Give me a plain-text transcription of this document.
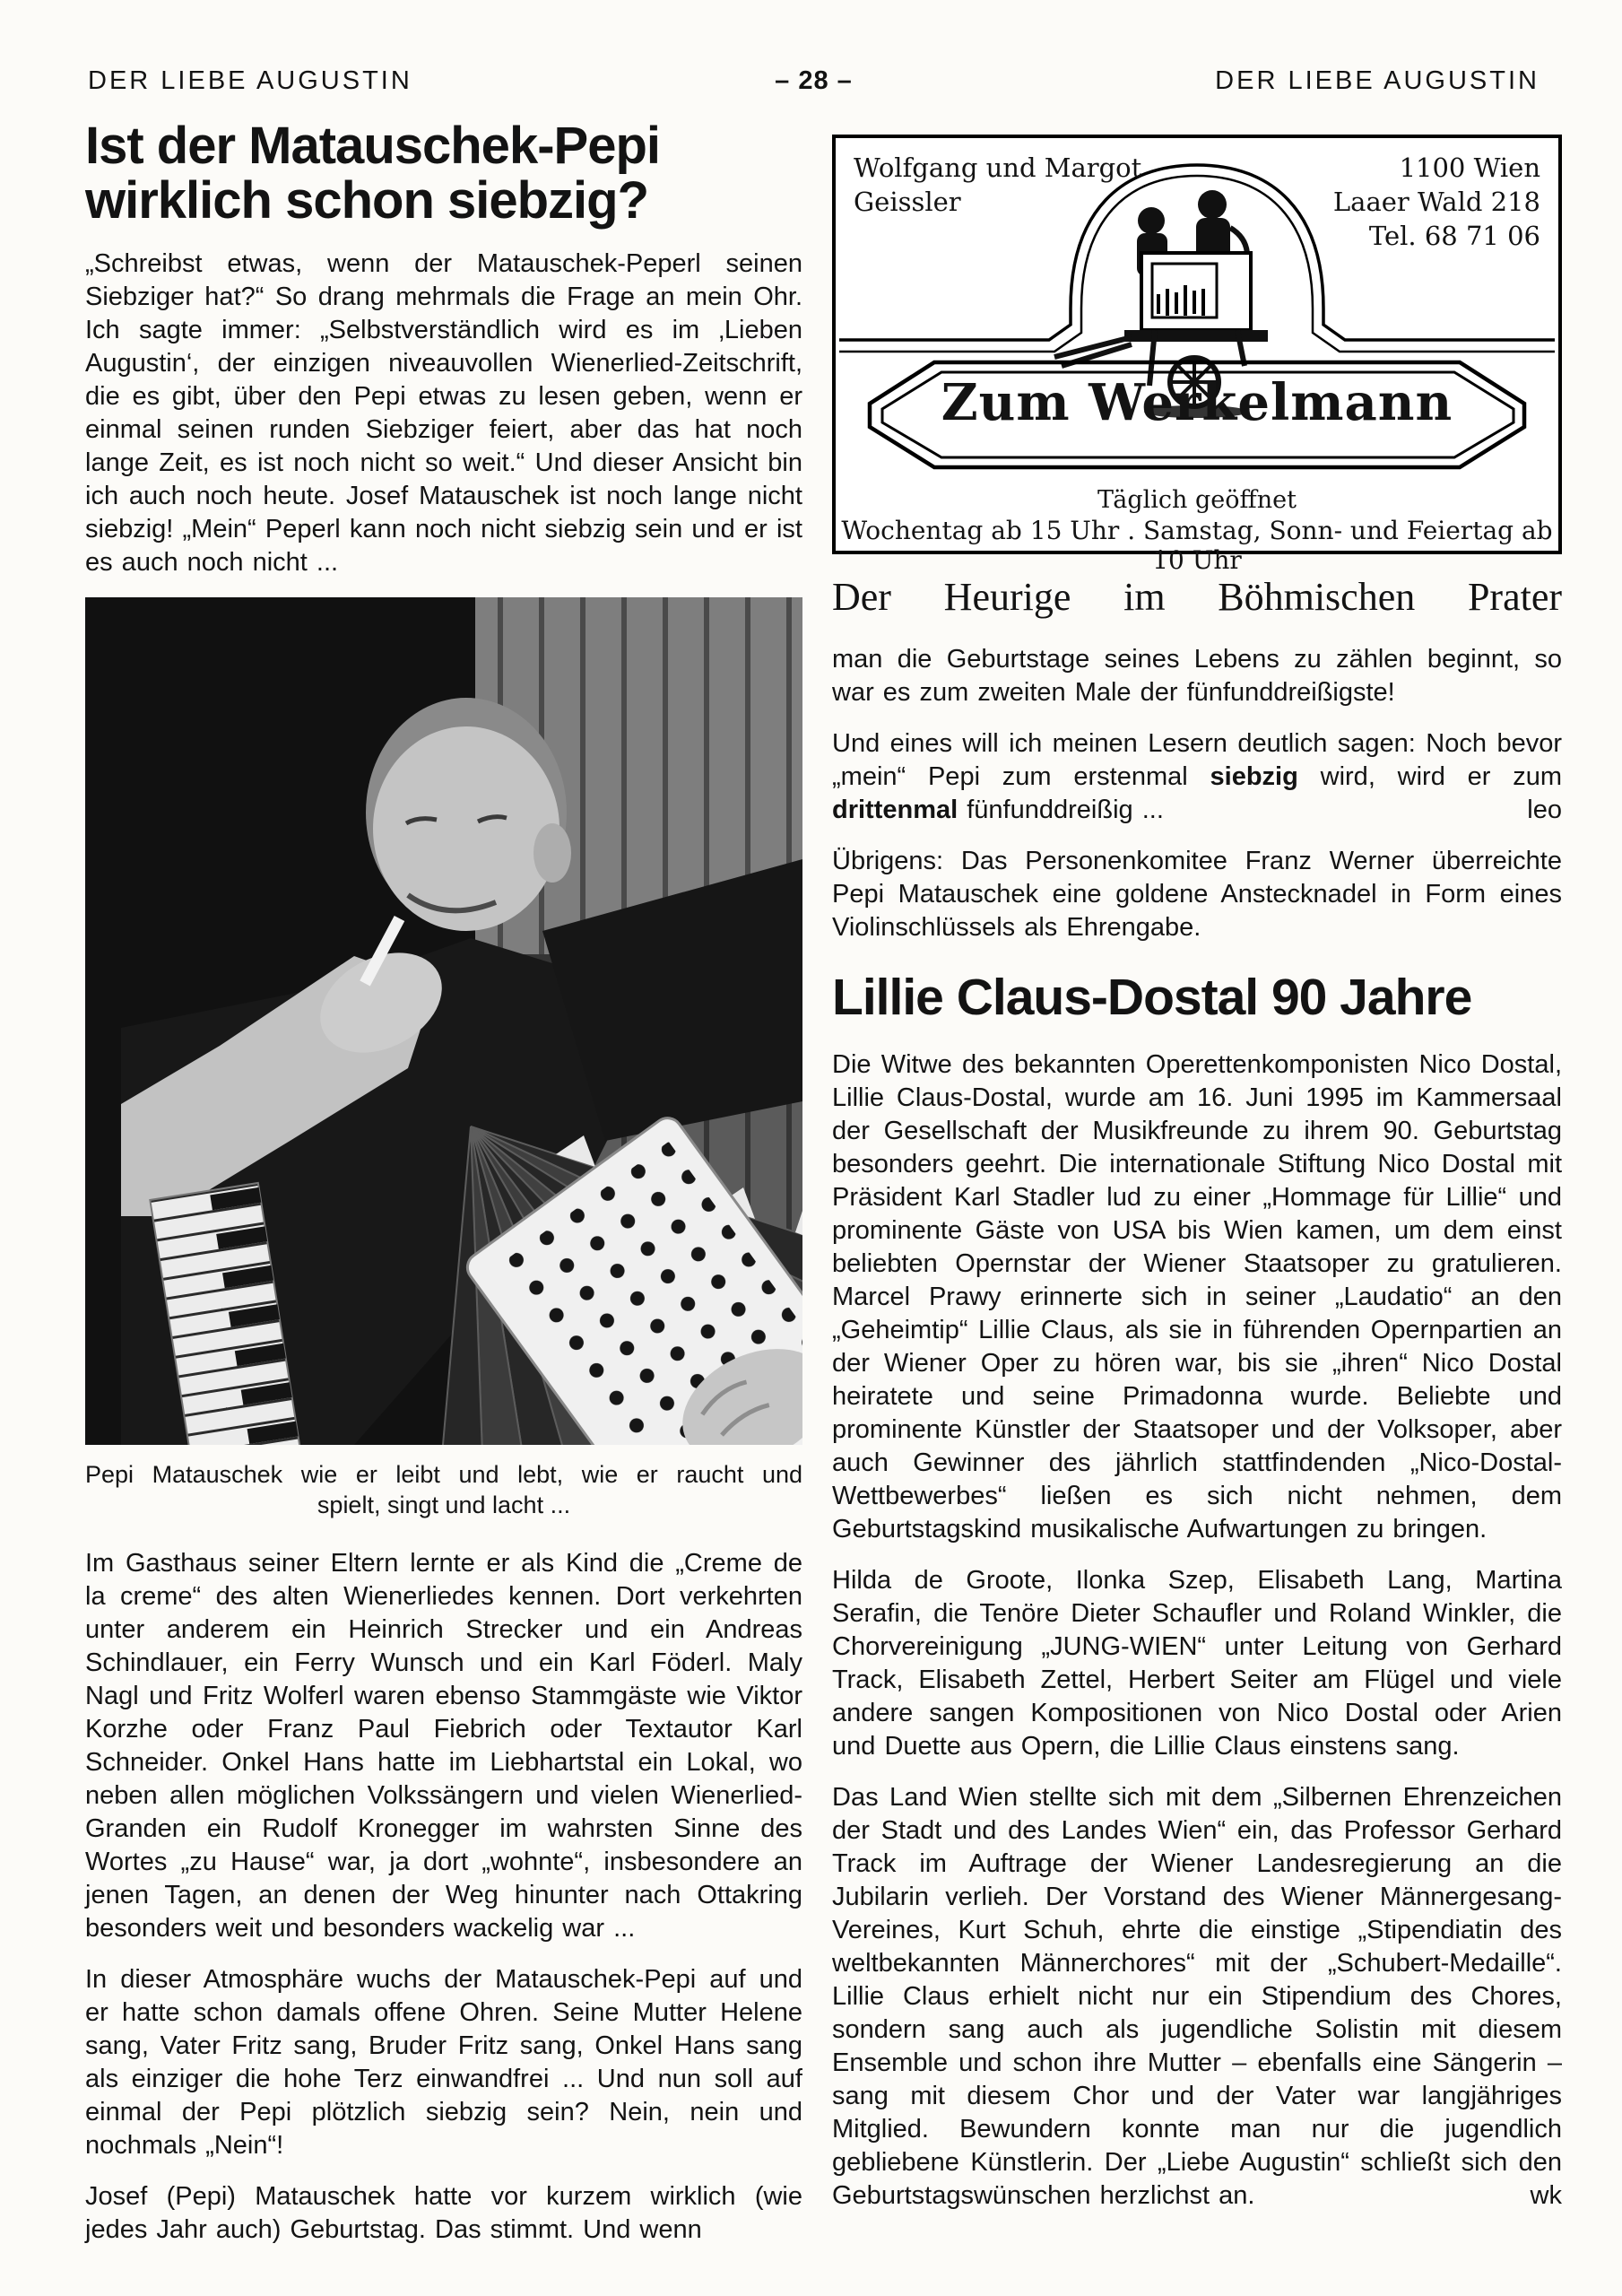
DER LIEBE AUGUSTIN	– 28 –	DER LIEBE AUGUSTIN
Ist der Matauschek-Pepi
wirklich schon siebzig?

„Schreibst etwas, wenn der Matauschek-Peperl seinen Siebziger hat?“ So drang mehrmals die Frage an mein Ohr. Ich sagte immer: „Selbstverständlich wird es im ‚Lieben Augustin‘, der einzigen niveauvollen Wienerlied-Zeitschrift, die es gibt, über den Pepi etwas zu lesen geben, wenn er einmal seinen runden Siebziger feiert, aber das hat noch lange Zeit, es ist noch nicht so weit.“ Und dieser Ansicht bin ich auch noch heute. Josef Matauschek ist noch lange nicht siebzig! „Mein“ Peperl kann noch nicht siebzig sein und er ist es auch noch nicht ...

Pepi Matauschek wie er leibt und lebt, wie er raucht und
spielt, singt und lacht ...

Im Gasthaus seiner Eltern lernte er als Kind die „Creme de la creme“ des alten Wienerliedes kennen. Dort verkehrten unter anderem ein Heinrich Strecker und ein Andreas Schindlauer, ein Ferry Wunsch und ein Karl Föderl. Maly Nagl und Fritz Wolferl waren ebenso Stammgäste wie Viktor Korzhe oder Franz Paul Fiebrich oder Textautor Karl Schneider. Onkel Hans hatte im Liebhartstal ein Lokal, wo neben allen möglichen Volkssängern und vielen Wienerlied-Granden ein Rudolf Kronegger im wahrsten Sinne des Wortes „zu Hause“ war, ja dort „wohnte“, insbesondere an jenen Tagen, an denen der Weg hinunter nach Ottakring besonders weit und besonders wackelig war ...

In dieser Atmosphäre wuchs der Matauschek-Pepi auf und er hatte schon damals offene Ohren. Seine Mutter Helene sang, Vater Fritz sang, Bruder Fritz sang, Onkel Hans sang als einziger die hohe Terz einwandfrei ... Und nun soll auf einmal der Pepi plötzlich siebzig sein? Nein, nein und nochmals „Nein“!

Josef (Pepi) Matauschek hatte vor kurzem wirklich (wie jedes Jahr auch) Geburtstag. Das stimmt. Und wenn

Wolfgang und Margot
Geissler
1100 Wien
Laaer Wald 218
Tel. 68 71 06
Zum Werkelmann
Täglich geöffnet
Wochentag ab 15 Uhr . Samstag, Sonn- und Feiertag ab 10 Uhr
Der Heurige im Böhmischen Prater

man die Geburtstage seines Lebens zu zählen beginnt, so war es zum zweiten Male der fünfunddreißigste!

Und eines will ich meinen Lesern deutlich sagen: Noch bevor „mein“ Pepi zum erstenmal siebzig wird, wird er zum drittenmal fünfunddreißig ...	leo

Übrigens: Das Personenkomitee Franz Werner überreichte Pepi Matauschek eine goldene Anstecknadel in Form eines Violinschlüssels als Ehrengabe.

Lillie Claus-Dostal 90 Jahre

Die Witwe des bekannten Operettenkomponisten Nico Dostal, Lillie Claus-Dostal, wurde am 16. Juni 1995 im Kammersaal der Gesellschaft der Musikfreunde zu ihrem 90. Geburtstag besonders geehrt. Die internationale Stiftung Nico Dostal mit Präsident Karl Stadler lud zu einer „Hommage für Lillie“ und prominente Gäste von USA bis Wien kamen, um dem einst beliebten Opernstar der Wiener Staatsoper zu gratulieren. Marcel Prawy erinnerte sich in seiner „Laudatio“ an den „Geheimtip“ Lillie Claus, als sie in führenden Opernpartien an der Wiener Oper zu hören war, bis sie „ihren“ Nico Dostal heiratete und seine Primadonna wurde. Beliebte und prominente Künstler der Staatsoper und der Volksoper, aber auch Gewinner des jährlich stattfindenden „Nico-Dostal-Wettbewerbes“ ließen es sich nicht nehmen, dem Geburtstagskind musikalische Aufwartungen zu bringen.

Hilda de Groote, Ilonka Szep, Elisabeth Lang, Martina Serafin, die Tenöre Dieter Schaufler und Roland Winkler, die Chorvereinigung „JUNG-WIEN“ unter Leitung von Gerhard Track, Elisabeth Zettel, Herbert Seiter am Flügel und viele andere sangen Kompositionen von Nico Dostal oder Arien und Duette aus Opern, die Lillie Claus einstens sang.

Das Land Wien stellte sich mit dem „Silbernen Ehrenzeichen der Stadt und des Landes Wien“ ein, das Professor Gerhard Track im Auftrage der Wiener Landesregierung an die Jubilarin verlieh. Der Vorstand des Wiener Männergesang-Vereines, Kurt Schuh, ehrte die einstige „Stipendiatin des weltbekannten Männerchores“ mit der „Schubert-Medaille“. Lillie Claus erhielt nicht nur ein Stipendium des Chores, sondern sang auch als jugendliche Solistin mit diesem Ensemble und schon ihre Mutter – ebenfalls eine Sängerin – sang mit diesem Chor und der Vater war langjähriges Mitglied. Bewundern konnte man nur die jugendlich gebliebene Künstlerin. Der „Liebe Augustin“ schließt sich den Geburtstagswünschen herzlichst an.	wk
